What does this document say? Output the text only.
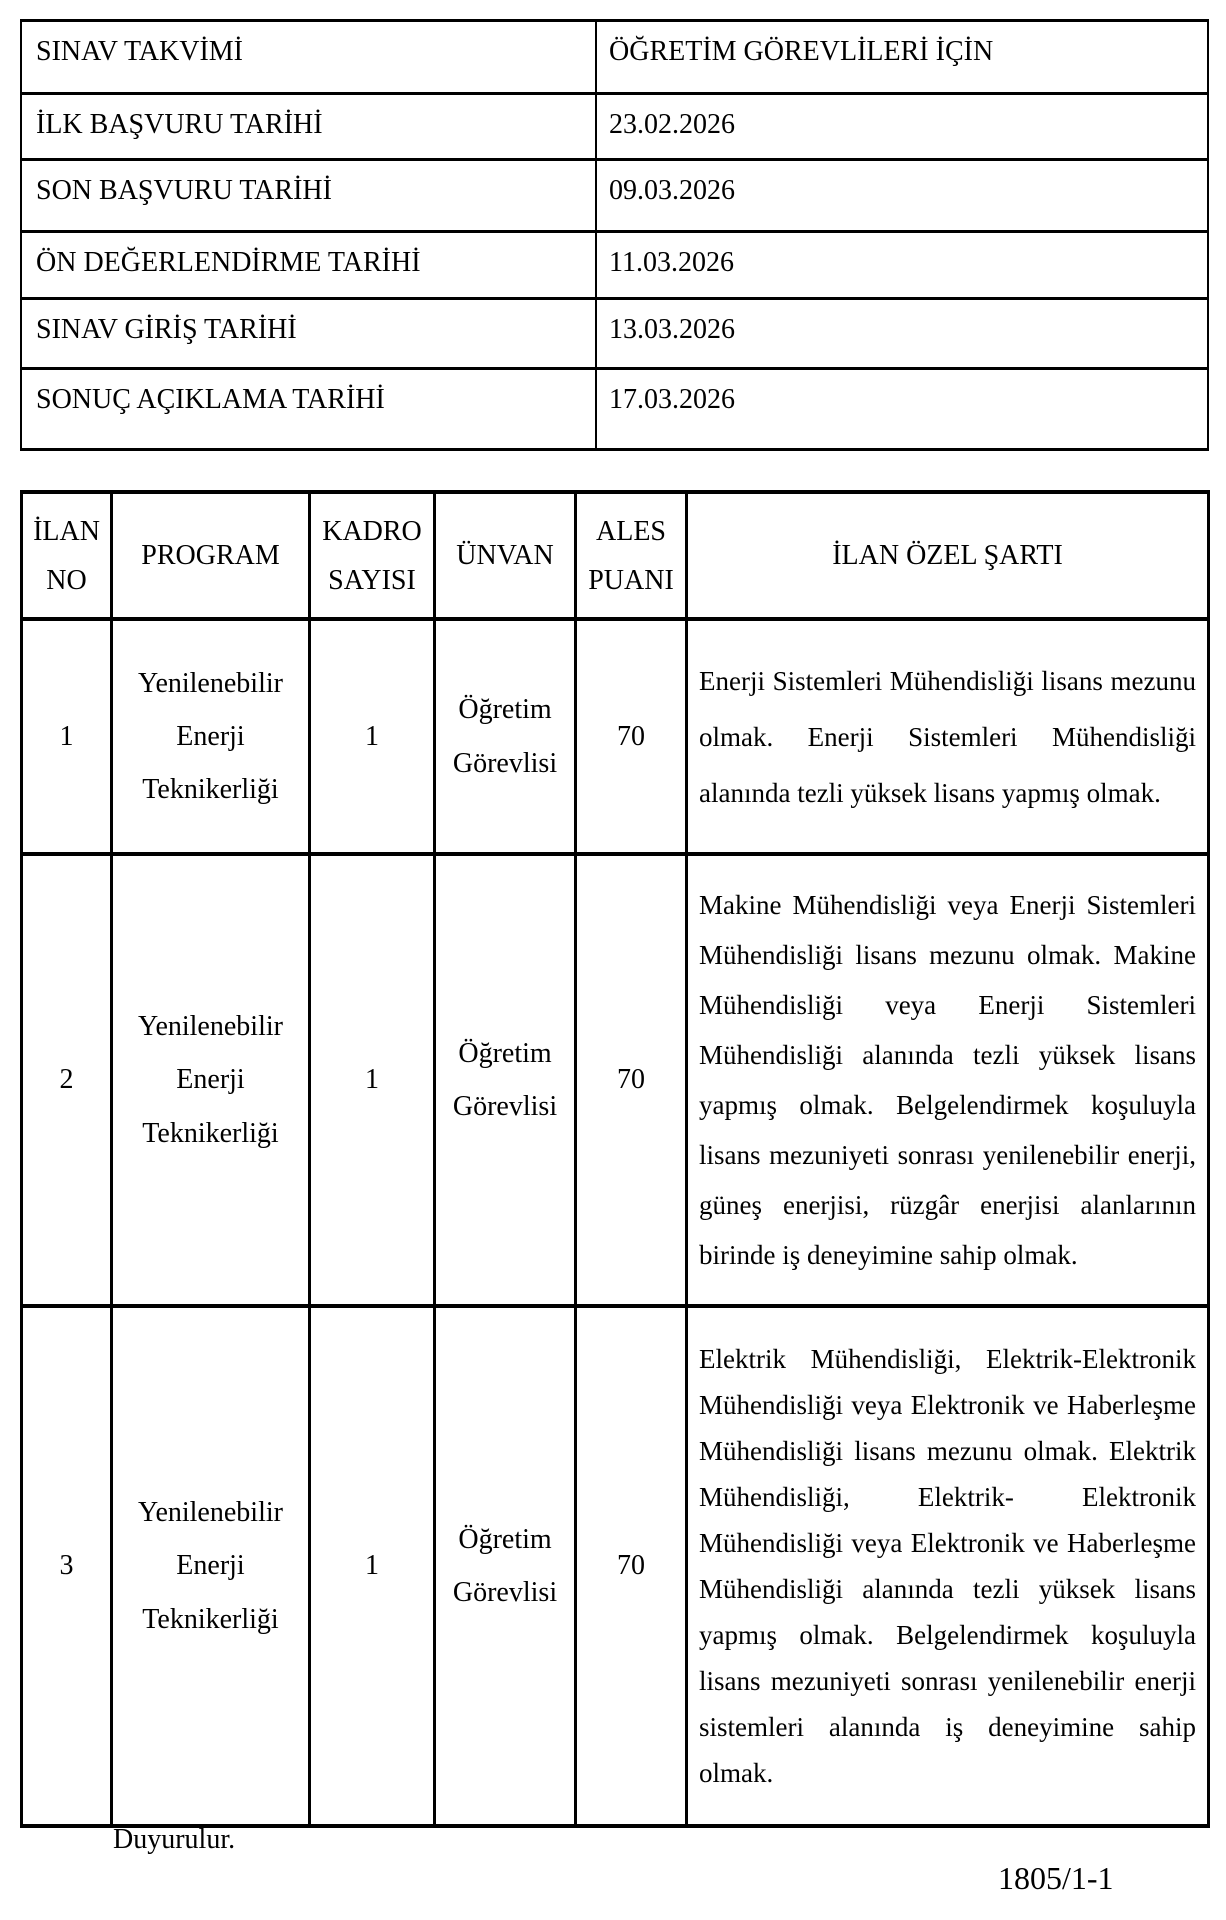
SINAV TAKVİMİ	ÖĞRETİM GÖREVLİLERİ İÇİN
İLK BAŞVURU TARİHİ	23.02.2026
SON BAŞVURU TARİHİ	09.03.2026
ÖN DEĞERLENDİRME TARİHİ	11.03.2026
SINAV GİRİŞ TARİHİ	13.03.2026
SONUÇ AÇIKLAMA TARİHİ	17.03.2026
İLAN NO	PROGRAM	KADRO SAYISI	ÜNVAN	ALES PUANI	İLAN ÖZEL ŞARTI
1	Yenilenebilir Enerji Teknikerliği	1	Öğretim Görevlisi	70	Enerji Sistemleri Mühendisliği lisans mezunu olmak. Enerji Sistemleri Mühendisliği alanında tezli yüksek lisans yapmış olmak.
2	Yenilenebilir Enerji Teknikerliği	1	Öğretim Görevlisi	70	Makine Mühendisliği veya Enerji Sistemleri Mühendisliği lisans mezunu olmak. Makine Mühendisliği veya Enerji Sistemleri Mühendisliği alanında tezli yüksek lisans yapmış olmak. Belgelendirmek koşuluyla lisans mezuniyeti sonrası yenilenebilir enerji, güneş enerjisi, rüzgâr enerjisi alanlarının birinde iş deneyimine sahip olmak.
3	Yenilenebilir Enerji Teknikerliği	1	Öğretim Görevlisi	70	Elektrik Mühendisliği, Elektrik-Elektronik Mühendisliği veya Elektronik ve Haberleşme Mühendisliği lisans mezunu olmak. Elektrik Mühendisliği, Elektrik- Elektronik Mühendisliği veya Elektronik ve Haberleşme Mühendisliği alanında tezli yüksek lisans yapmış olmak. Belgelendirmek koşuluyla lisans mezuniyeti sonrası yenilenebilir enerji sistemleri alanında iş deneyimine sahip olmak.
Duyurulur.
1805/1-1
